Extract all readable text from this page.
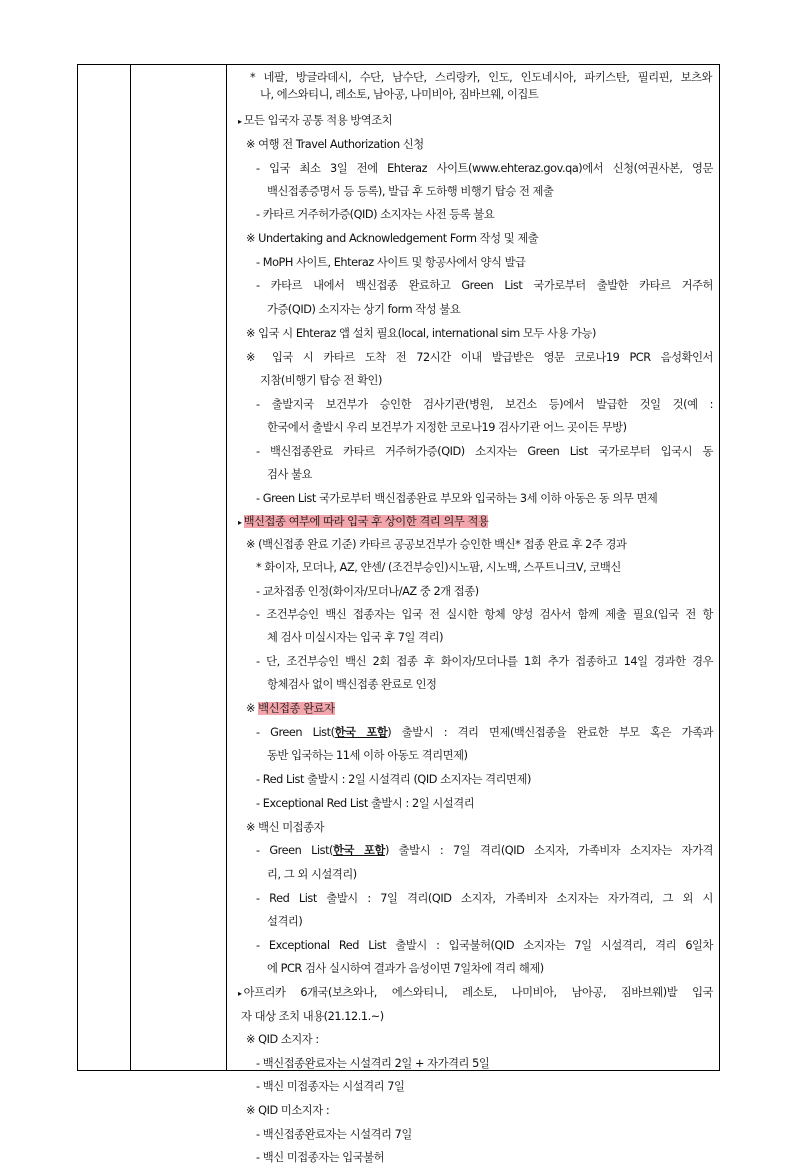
* 네팔, 방글라데시, 수단, 남수단, 스리랑카, 인도, 인도네시아, 파키스탄, 필리핀, 보츠와
나, 에스와티니, 레소토, 남아공, 나미비아, 짐바브웨, 이집트
▸ 모든 입국자 공통 적용 방역조치
※ 여행 전 Travel Authorization 신청
- 입국 최소 3일 전에 Ehteraz 사이트(www.ehteraz.gov.qa)에서 신청(여권사본, 영문
백신접종증명서 등 등록), 발급 후 도하행 비행기 탑승 전 제출
- 카타르 거주허가증(QID) 소지자는 사전 등록 불요
※ Undertaking and Acknowledgement Form 작성 및 제출
- MoPH 사이트, Ehteraz 사이트 및 항공사에서 양식 발급
- 카타르 내에서 백신접종 완료하고 Green List 국가로부터 출발한 카타르 거주허
가증(QID) 소지자는 상기 form 작성 불요
※ 입국 시 Ehteraz 앱 설치 필요(local, international sim 모두 사용 가능)
※ 입국 시 카타르 도착 전 72시간 이내 발급받은 영문 코로나19 PCR 음성확인서
지참(비행기 탑승 전 확인)
- 출발지국 보건부가 승인한 검사기관(병원, 보건소 등)에서 발급한 것일 것(예 :
한국에서 출발시 우리 보건부가 지정한 코로나19 검사기관 어느 곳이든 무방)
- 백신접종완료 카타르 거주허가증(QID) 소지자는 Green List 국가로부터 입국시 동
검사 불요
- Green List 국가로부터 백신접종완료 부모와 입국하는 3세 이하 아동은 동 의무 면제
▸ 백신접종 여부에 따라 입국 후 상이한 격리 의무 적용
※ (백신접종 완료 기준) 카타르 공공보건부가 승인한 백신* 접종 완료 후 2주 경과
* 화이자, 모더나, AZ, 얀센/ (조건부승인)시노팜, 시노백, 스푸트니크V, 코백신
- 교차접종 인정(화이자/모더나/AZ 중 2개 접종)
- 조건부승인 백신 접종자는 입국 전 실시한 항체 양성 검사서 함께 제출 필요(입국 전 항
체 검사 미실시자는 입국 후 7일 격리)
- 단, 조건부승인 백신 2회 접종 후 화이자/모더나를 1회 추가 접종하고 14일 경과한 경우
항체검사 없이 백신접종 완료로 인정
※ 백신접종 완료자
- Green List(한국 포함) 출발시 : 격리 면제(백신접종을 완료한 부모 혹은 가족과
동반 입국하는 11세 이하 아동도 격리면제)
- Red List 출발시 : 2일 시설격리 (QID 소지자는 격리면제)
- Exceptional Red List 출발시 : 2일 시설격리
※ 백신 미접종자
- Green List(한국 포함) 출발시 : 7일 격리(QID 소지자, 가족비자 소지자는 자가격
리, 그 외 시설격리)
- Red List 출발시 : 7일 격리(QID 소지자, 가족비자 소지자는 자가격리, 그 외 시
설격리)
- Exceptional Red List 출발시 : 입국불허(QID 소지자는 7일 시설격리, 격리 6일차
에 PCR 검사 실시하여 결과가 음성이면 7일차에 격리 해제)
▸ 아프리카 6개국(보츠와나, 에스와티니, 레소토, 나미비아, 남아공, 짐바브웨)발 입국
자 대상 조치 내용(21.12.1.~)
※ QID 소지자 :
- 백신접종완료자는 시설격리 2일 + 자가격리 5일
- 백신 미접종자는 시설격리 7일
※ QID 미소지자 :
- 백신접종완료자는 시설격리 7일
- 백신 미접종자는 입국불허
